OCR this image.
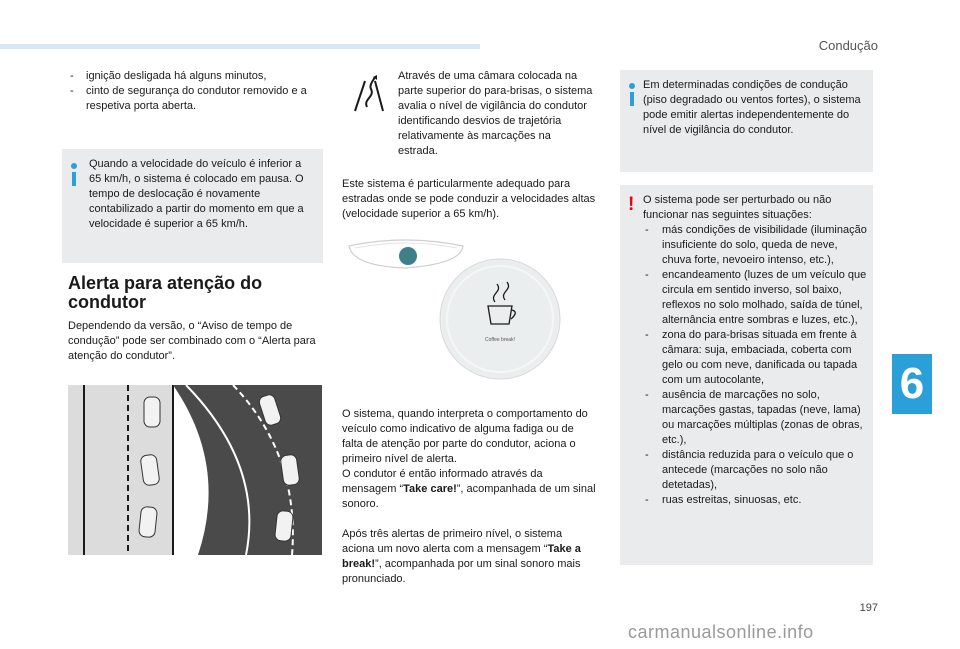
Condução
6
- ignição desligada há alguns minutos,
- cinto de segurança do condutor removido e a respetiva porta aberta.

Quando a velocidade do veículo é inferior a 65 km/h, o sistema é colocado em pausa. O tempo de deslocação é novamente contabilizado a partir do momento em que a velocidade é superior a 65 km/h.

Alerta para atenção do condutor

Dependendo da versão, o “Aviso de tempo de condução” pode ser combinado com o “Alerta para atenção do condutor”.

Através de uma câmara colocada na parte superior do para-brisas, o sistema avalia o nível de vigilância do condutor identificando desvios de trajetória relativamente às marcações na estrada.

Este sistema é particularmente adequado para estradas onde se pode conduzir a velocidades altas (velocidade superior a 65 km/h).

Coffee break!

O sistema, quando interpreta o comportamento do veículo como indicativo de alguma fadiga ou de falta de atenção por parte do condutor, aciona o primeiro nível de alerta.
O condutor é então informado através da mensagem “Take care!”, acompanhada de um sinal sonoro.

Após três alertas de primeiro nível, o sistema aciona um novo alerta com a mensagem “Take a break!”, acompanhada por um sinal sonoro mais pronunciado.

Em determinadas condições de condução (piso degradado ou ventos fortes), o sistema pode emitir alertas independentemente do nível de vigilância do condutor.

! O sistema pode ser perturbado ou não funcionar nas seguintes situações:

- más condições de visibilidade (iluminação insuficiente do solo, queda de neve, chuva forte, nevoeiro intenso, etc.),
- encandeamento (luzes de um veículo que circula em sentido inverso, sol baixo, reflexos no solo molhado, saída de túnel, alternância entre sombras e luzes, etc.),
- zona do para-brisas situada em frente à câmara: suja, embaciada, coberta com gelo ou com neve, danificada ou tapada com um autocolante,
- ausência de marcações no solo, marcações gastas, tapadas (neve, lama) ou marcações múltiplas (zonas de obras, etc.),
- distância reduzida para o veículo que o antecede (marcações no solo não detetadas),
- ruas estreitas, sinuosas, etc.
197
carmanualsonline.info
